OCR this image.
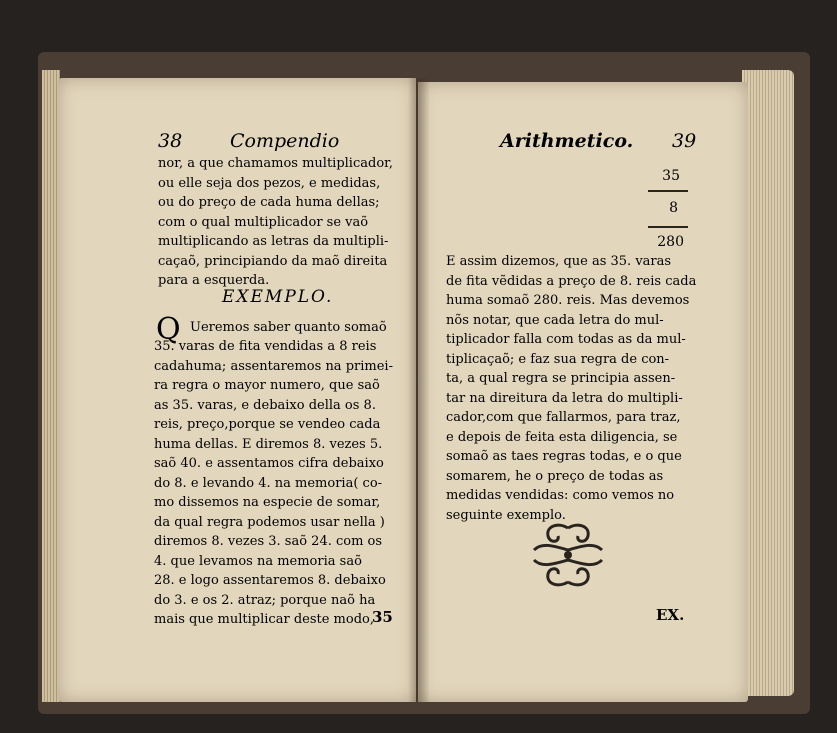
38	Compendio
nor, a que chamamos multiplicador,
ou elle seja dos pezos, e medidas,
ou do preço de cada huma dellas;
com o qual multiplicador se vaõ
multiplicando as letras da multipli-
caçaõ, principiando da maõ direita
para a esquerda.
EXEMPLO.
Q Ueremos saber quanto somaõ
35. varas de fita vendidas a 8 reis
cadahuma; assentaremos na primei-
ra regra o mayor numero, que saõ
as 35. varas, e debaixo della os 8.
reis, preço,porque se vendeo cada
huma dellas. E diremos 8. vezes 5.
saõ 40. e assentamos cifra debaixo
do 8. e levando 4. na memoria( co-
mo dissemos na especie de somar,
da qual regra podemos usar nella )
diremos 8. vezes 3. saõ 24. com os
4. que levamos na memoria saõ
28. e logo assentaremos 8. debaixo
do 3. e os 2. atraz; porque naõ ha
mais que multiplicar deste modo,
35
Arithmetico. 39
35
8
280
E assim dizemos, que as 35. varas
de fita vẽdidas a preço de 8. reis cada
huma somaõ 280. reis. Mas devemos
nõs notar, que cada letra do mul-
tiplicador falla com todas as da mul-
tiplicaçaõ; e faz sua regra de con-
ta, a qual regra se principia assen-
tar na direitura da letra do multipli-
cador,com que fallarmos, para traz,
e depois de feita esta diligencia, se
somaõ as taes regras todas, e o que
somarem, he o preço de todas as
medidas vendidas: como vemos no
seguinte exemplo.
EX.
